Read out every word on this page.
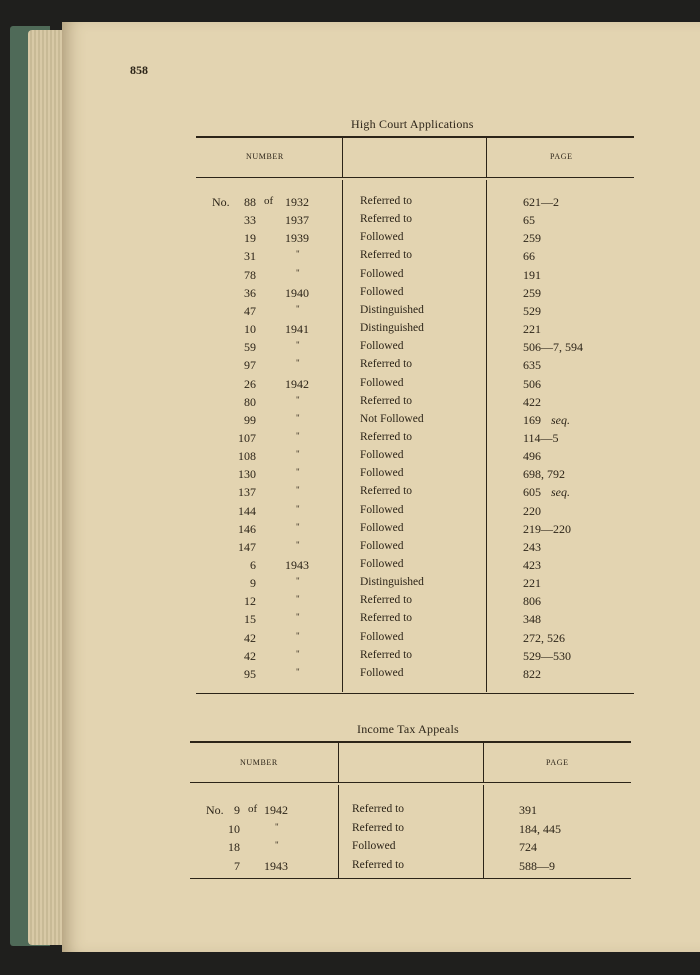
858
High Court Applications
NUMBER	PAGE
No.	88 of 1932	Referred to	621—2
33 1937	Referred to	65
19 1939	Followed	259
31	"	Referred to	66
78	"	Followed	191
36 1940	Followed	259
47	"	Distinguished	529
10 1941	Distinguished	221
59	"	Followed	506—7, 594
97	"	Referred to	635
26 1942	Followed	506
80	"	Referred to	422
99	"	Not Followed	169 seq.
107	"	Referred to	114—5
108	"	Followed	496
130	"	Followed	698, 792
137	"	Referred to	605 seq.
144	"	Followed	220
146	"	Followed	219—220
147	"	Followed	243
6 1943	Followed	423
9	"	Distinguished	221
12	"	Referred to	806
15	"	Referred to	348
42	"	Followed	272, 526
42	"	Referred to	529—530
95	"	Followed	822
Income Tax Appeals
NUMBER	PAGE
No. 9 of 1942	Referred to	391
10	"	Referred to	184, 445
18	"	Followed	724
7 1943	Referred to	588—9
